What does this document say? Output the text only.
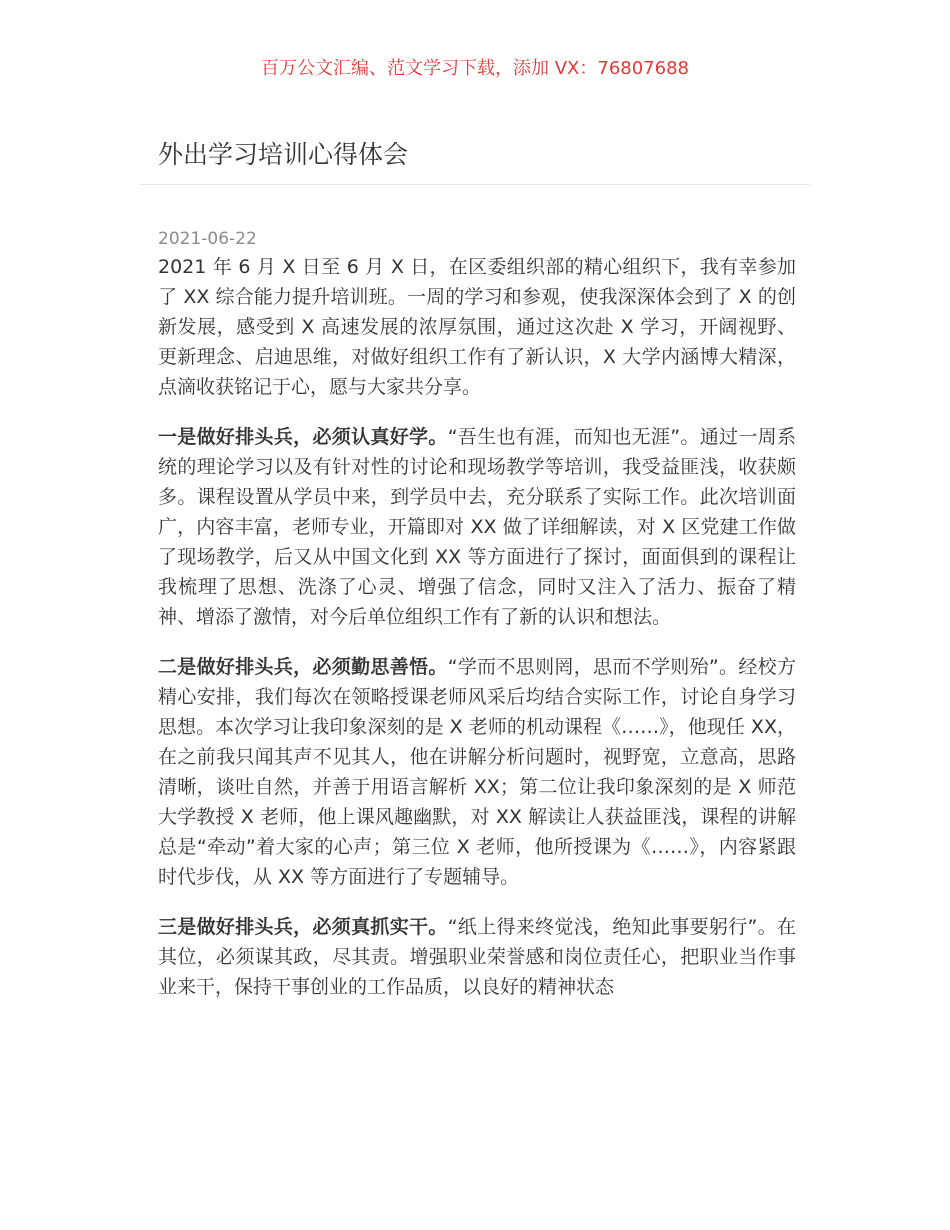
百万公文汇编、范文学习下载，添加 VX：76807688
外出学习培训心得体会
2021-06-22

2021 年 6 月 X 日至 6 月 X 日，在区委组织部的精心组织下，我有幸参加了 XX 综合能力提升培训班。一周的学习和参观，使我深深体会到了 X 的创新发展，感受到 X 高速发展的浓厚氛围，通过这次赴 X 学习，开阔视野、更新理念、启迪思维，对做好组织工作有了新认识，X 大学内涵博大精深，点滴收获铭记于心，愿与大家共分享。

一是做好排头兵，必须认真好学。“吾生也有涯，而知也无涯”。通过一周系统的理论学习以及有针对性的讨论和现场教学等培训，我受益匪浅，收获颇多。课程设置从学员中来，到学员中去，充分联系了实际工作。此次培训面广，内容丰富，老师专业，开篇即对 XX 做了详细解读，对 X 区党建工作做了现场教学，后又从中国文化到 XX 等方面进行了探讨，面面俱到的课程让我梳理了思想、洗涤了心灵、增强了信念，同时又注入了活力、振奋了精神、增添了激情，对今后单位组织工作有了新的认识和想法。

二是做好排头兵，必须勤思善悟。“学而不思则罔，思而不学则殆”。经校方精心安排，我们每次在领略授课老师风采后均结合实际工作，讨论自身学习思想。本次学习让我印象深刻的是 X 老师的机动课程《……》，他现任 XX，在之前我只闻其声不见其人，他在讲解分析问题时，视野宽，立意高，思路清晰，谈吐自然，并善于用语言解析 XX；第二位让我印象深刻的是 X 师范大学教授 X 老师，他上课风趣幽默，对 XX 解读让人获益匪浅，课程的讲解总是“牵动”着大家的心声；第三位 X 老师，他所授课为《……》，内容紧跟时代步伐，从 XX 等方面进行了专题辅导。

三是做好排头兵，必须真抓实干。“纸上得来终觉浅，绝知此事要躬行”。在其位，必须谋其政，尽其责。增强职业荣誉感和岗位责任心，把职业当作事业来干，保持干事创业的工作品质，以良好的精神状态
